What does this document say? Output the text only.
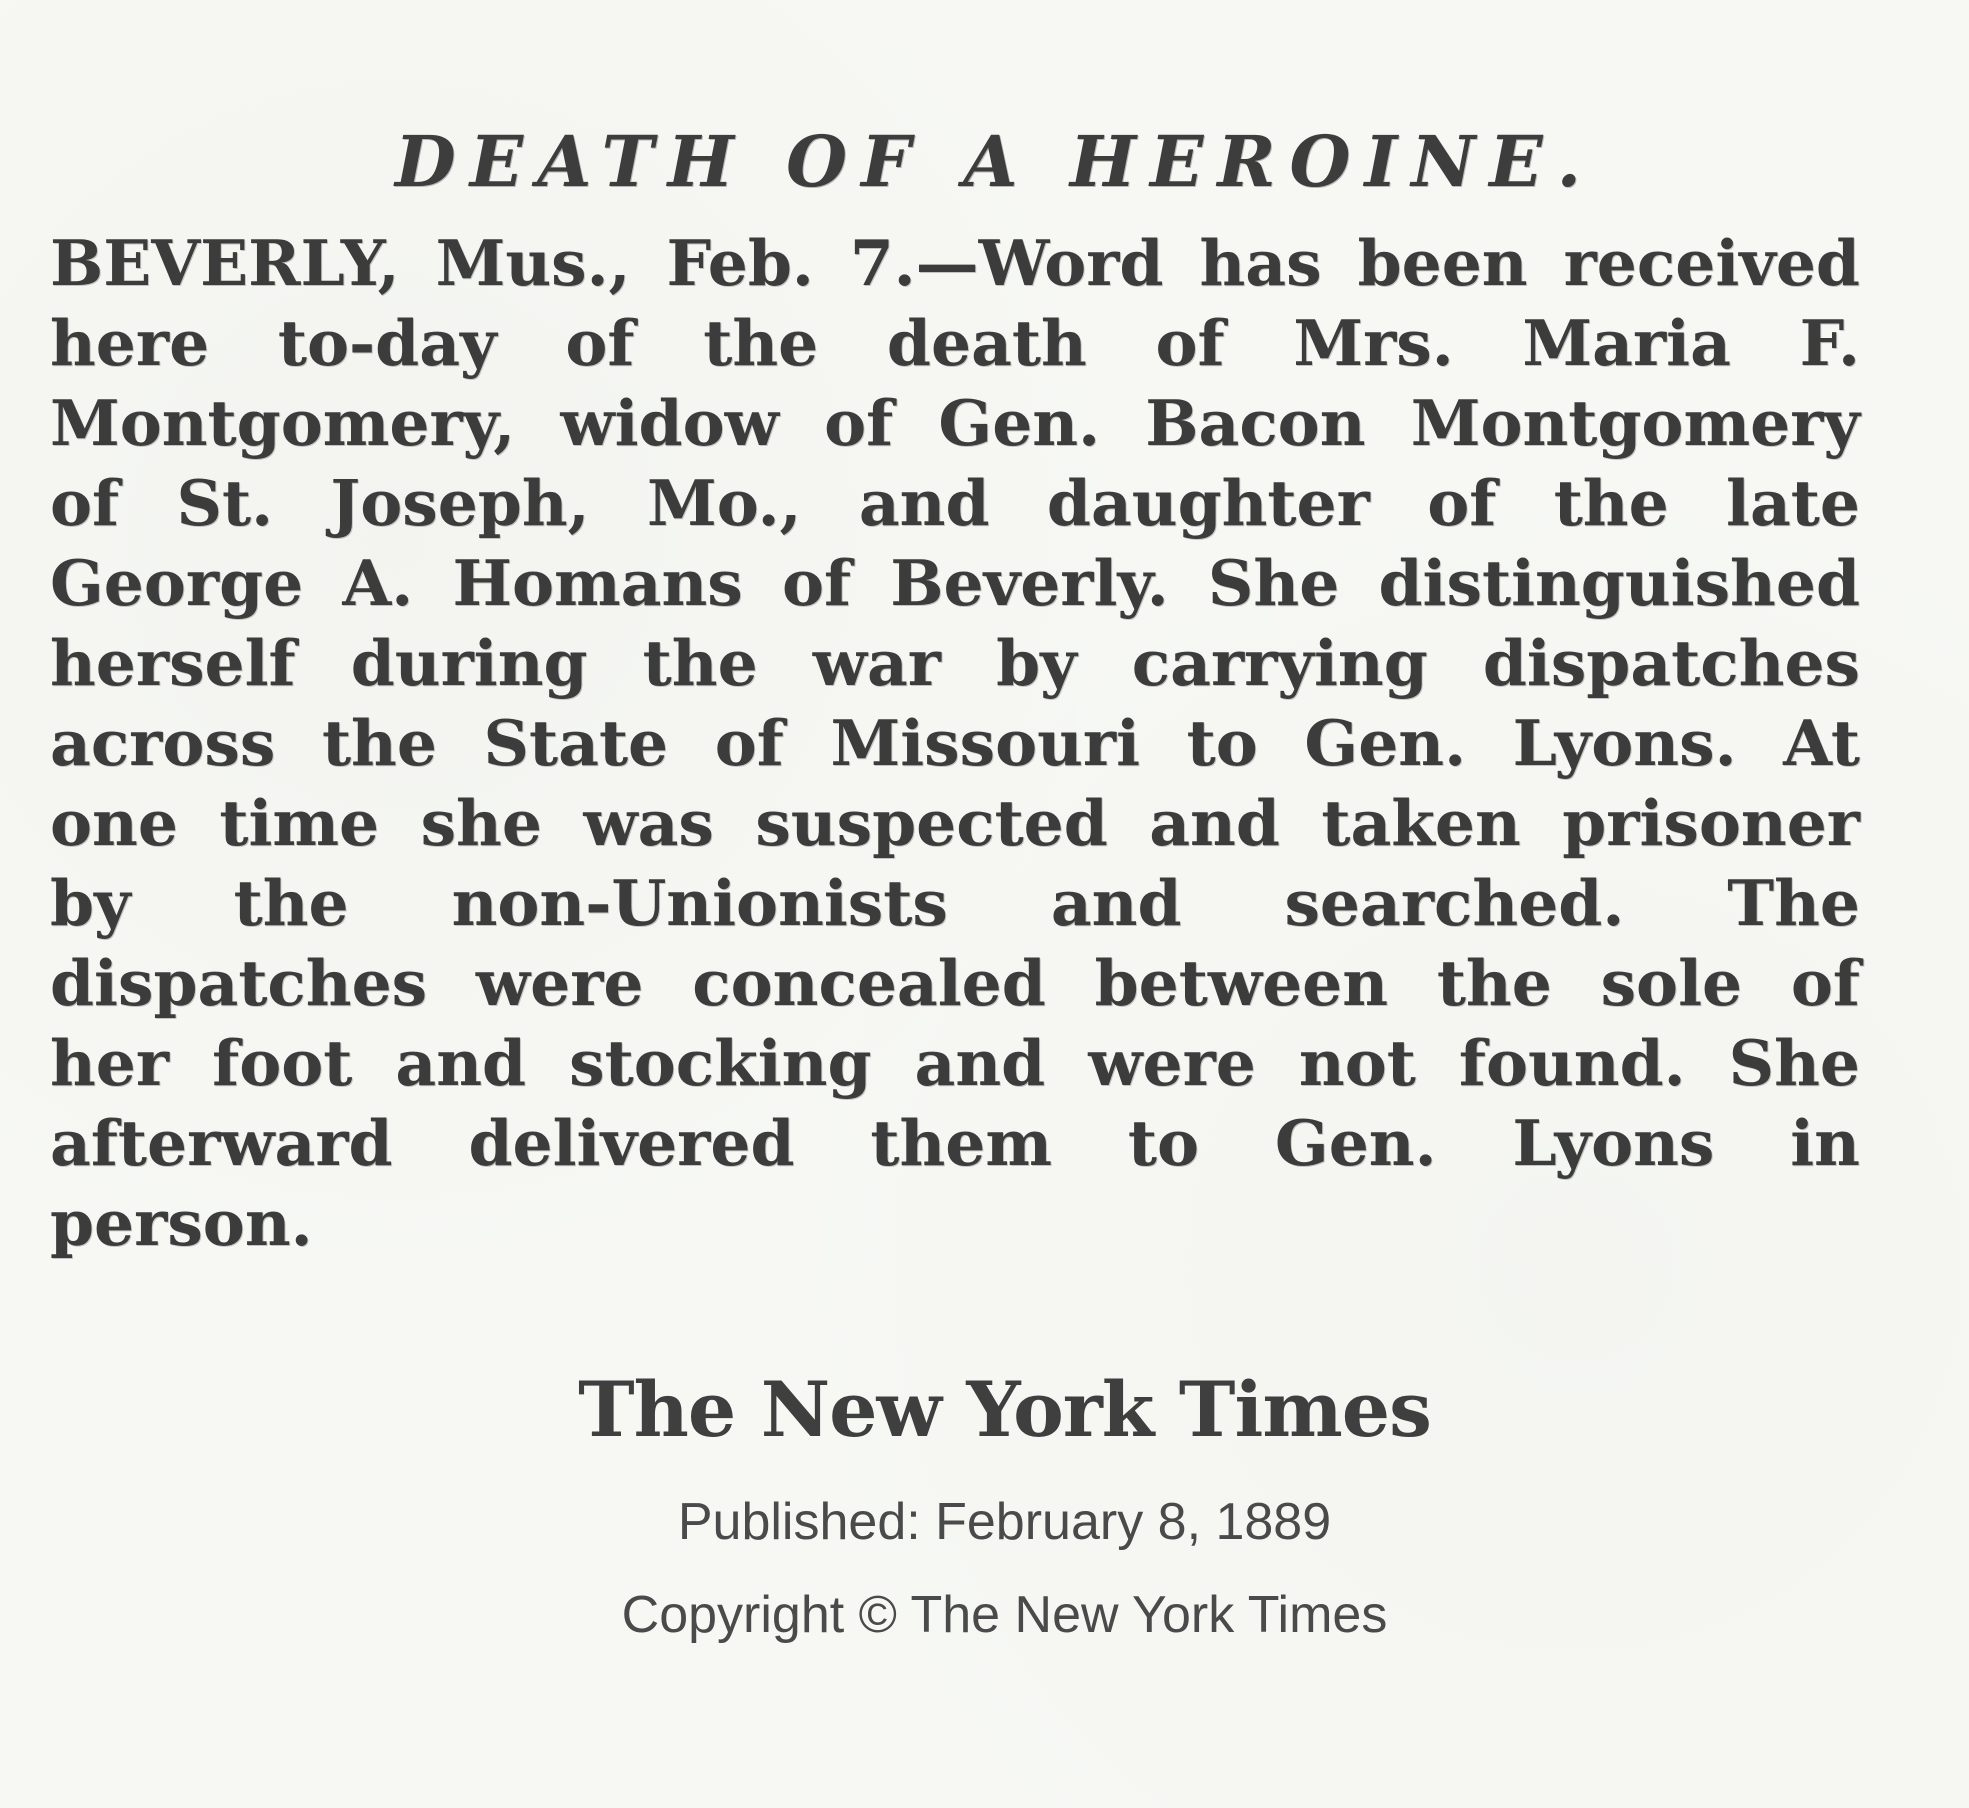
DEATH OF A HEROINE.

BEVERLY, Mus., Feb. 7.—Word has been received here to-day of the death of Mrs. Maria F. Montgomery, widow of Gen. Bacon Montgomery of St. Joseph, Mo., and daughter of the late George A. Homans of Beverly. She distinguished herself during the war by carrying dispatches across the State of Missouri to Gen. Lyons. At one time she was suspected and taken prisoner by the non-Unionists and searched. The dispatches were concealed between the sole of her foot and stocking and were not found. She afterward delivered them to Gen. Lyons in person.

The New York Times
Published: February 8, 1889
Copyright © The New York Times
